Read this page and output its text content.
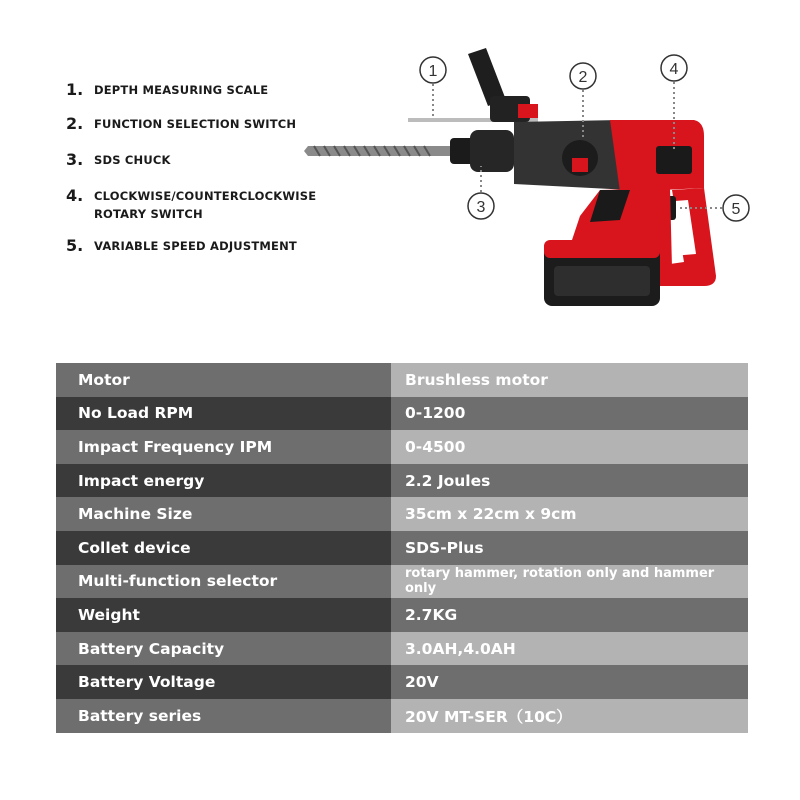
1. DEPTH MEASURING SCALE
2. FUNCTION SELECTION SWITCH
3. SDS CHUCK
4. CLOCKWISE/COUNTERCLOCKWISE ROTARY SWITCH
5. VARIABLE SPEED ADJUSTMENT
1	2
3
4
5
Motor	Brushless motor
No Load RPM	0-1200
Impact Frequency IPM	0-4500
Impact energy	2.2 Joules
Machine Size	35cm x 22cm x 9cm
Collet device	SDS-Plus
Multi-function selector	rotary hammer, rotation only and hammer only
Weight	2.7KG
Battery Capacity	3.0AH,4.0AH
Battery Voltage	20V
Battery series	20V MT-SER（10C）
